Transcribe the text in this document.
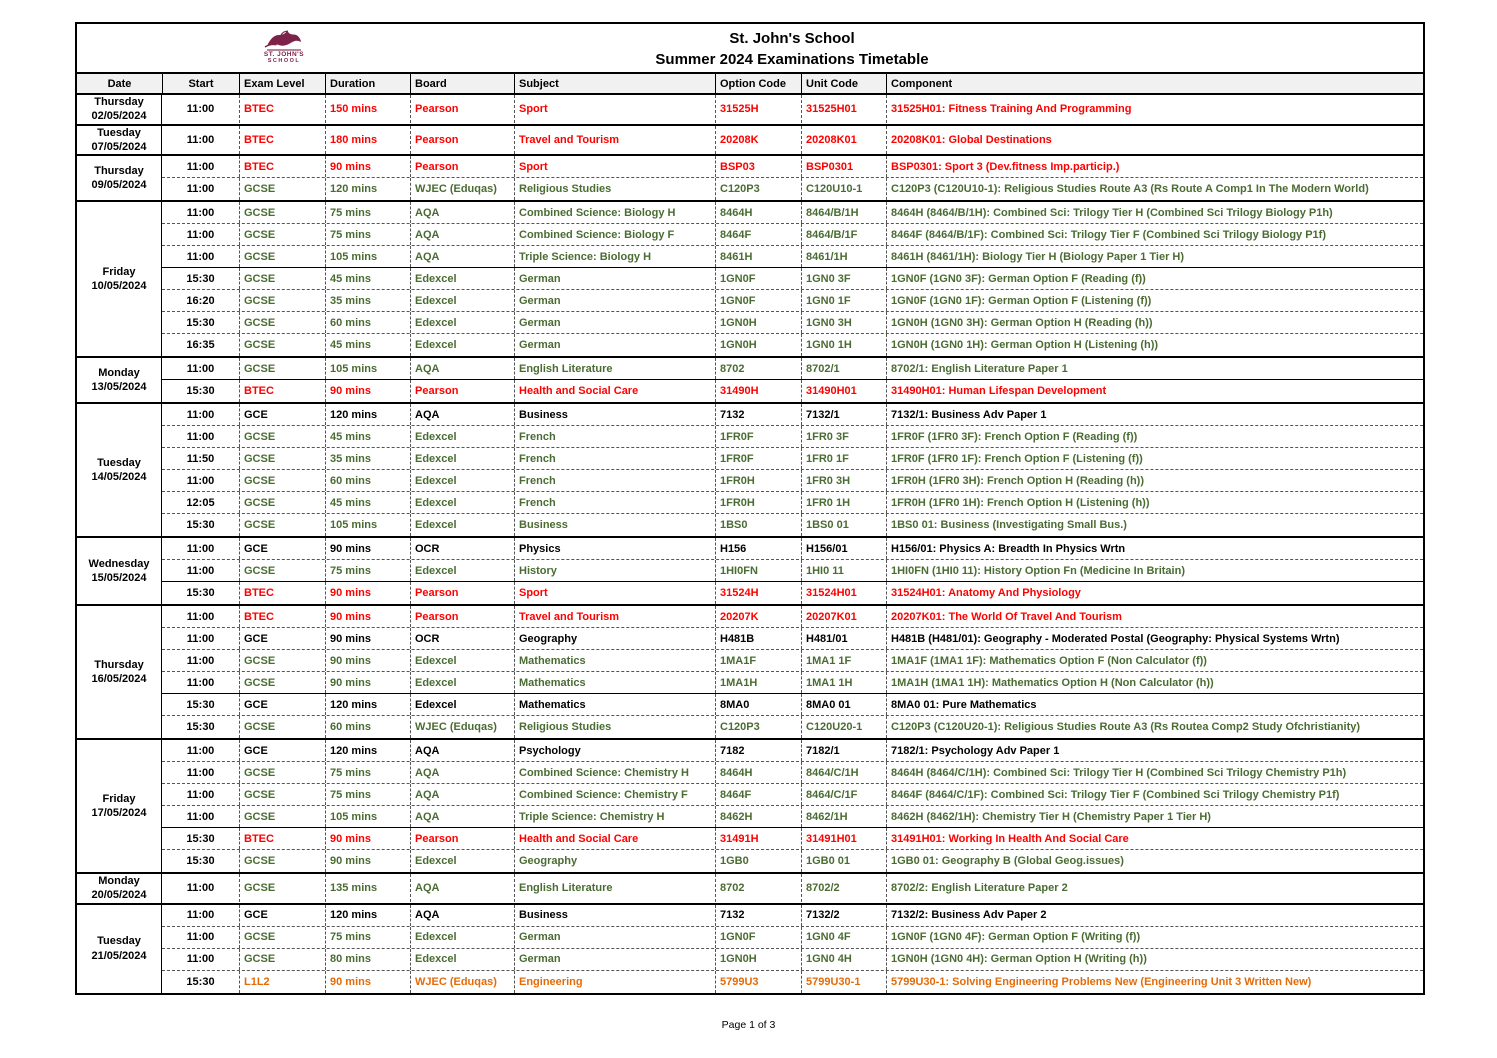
ST. JOHN'S
SCHOOL
St. John's School
Summer 2024 Examinations Timetable
Date	Start	Exam Level	Duration	Board	Subject	Option Code	Unit Code	Component
Thursday
02/05/2024
11:00	BTEC	150 mins	Pearson	Sport	31525H	31525H01	31525H01: Fitness Training And Programming
Tuesday
07/05/2024
11:00	BTEC	180 mins	Pearson	Travel and Tourism	20208K	20208K01	20208K01: Global Destinations
Thursday
09/05/2024
11:00	BTEC	90 mins	Pearson	Sport	BSP03	BSP0301	BSP0301: Sport 3 (Dev.fitness Imp.particip.)
11:00	GCSE	120 mins	WJEC (Eduqas)	Religious Studies	C120P3	C120U10-1	C120P3 (C120U10-1): Religious Studies Route A3 (Rs Route A Comp1 In The Modern World)
Friday
10/05/2024
11:00	GCSE	75 mins	AQA	Combined Science: Biology H	8464H	8464/B/1H	8464H (8464/B/1H): Combined Sci: Trilogy Tier H (Combined Sci Trilogy Biology P1h)
11:00	GCSE	75 mins	AQA	Combined Science: Biology F	8464F	8464/B/1F	8464F (8464/B/1F): Combined Sci: Trilogy Tier F (Combined Sci Trilogy Biology P1f)
11:00	GCSE	105 mins	AQA	Triple Science: Biology H	8461H	8461/1H	8461H (8461/1H): Biology Tier H (Biology Paper 1 Tier H)
15:30	GCSE	45 mins	Edexcel	German	1GN0F	1GN0 3F	1GN0F (1GN0 3F): German Option F (Reading (f))
16:20	GCSE	35 mins	Edexcel	German	1GN0F	1GN0 1F	1GN0F (1GN0 1F): German Option F (Listening (f))
15:30	GCSE	60 mins	Edexcel	German	1GN0H	1GN0 3H	1GN0H (1GN0 3H): German Option H (Reading (h))
16:35	GCSE	45 mins	Edexcel	German	1GN0H	1GN0 1H	1GN0H (1GN0 1H): German Option H (Listening (h))
Monday
13/05/2024
11:00	GCSE	105 mins	AQA	English Literature	8702	8702/1	8702/1: English Literature Paper 1
15:30	BTEC	90 mins	Pearson	Health and Social Care	31490H	31490H01	31490H01: Human Lifespan Development
Tuesday
14/05/2024
11:00	GCE	120 mins	AQA	Business	7132	7132/1	7132/1: Business Adv Paper 1
11:00	GCSE	45 mins	Edexcel	French	1FR0F	1FR0 3F	1FR0F (1FR0 3F): French Option F (Reading (f))
11:50	GCSE	35 mins	Edexcel	French	1FR0F	1FR0 1F	1FR0F (1FR0 1F): French Option F (Listening (f))
11:00	GCSE	60 mins	Edexcel	French	1FR0H	1FR0 3H	1FR0H (1FR0 3H): French Option H (Reading (h))
12:05	GCSE	45 mins	Edexcel	French	1FR0H	1FR0 1H	1FR0H (1FR0 1H): French Option H (Listening (h))
15:30	GCSE	105 mins	Edexcel	Business	1BS0	1BS0 01	1BS0 01: Business (Investigating Small Bus.)
Wednesday
15/05/2024
11:00	GCE	90 mins	OCR	Physics	H156	H156/01	H156/01: Physics A: Breadth In Physics Wrtn
11:00	GCSE	75 mins	Edexcel	History	1HI0FN	1HI0 11	1HI0FN (1HI0 11): History Option Fn (Medicine In Britain)
15:30	BTEC	90 mins	Pearson	Sport	31524H	31524H01	31524H01: Anatomy And Physiology
Thursday
16/05/2024
11:00	BTEC	90 mins	Pearson	Travel and Tourism	20207K	20207K01	20207K01: The World Of Travel And Tourism
11:00	GCE	90 mins	OCR	Geography	H481B	H481/01	H481B (H481/01): Geography - Moderated Postal (Geography: Physical Systems Wrtn)
11:00	GCSE	90 mins	Edexcel	Mathematics	1MA1F	1MA1 1F	1MA1F (1MA1 1F): Mathematics Option F (Non Calculator (f))
11:00	GCSE	90 mins	Edexcel	Mathematics	1MA1H	1MA1 1H	1MA1H (1MA1 1H): Mathematics Option H (Non Calculator (h))
15:30	GCE	120 mins	Edexcel	Mathematics	8MA0	8MA0 01	8MA0 01: Pure Mathematics
15:30	GCSE	60 mins	WJEC (Eduqas)	Religious Studies	C120P3	C120U20-1	C120P3 (C120U20-1): Religious Studies Route A3 (Rs Routea Comp2 Study Ofchristianity)
Friday
17/05/2024
11:00	GCE	120 mins	AQA	Psychology	7182	7182/1	7182/1: Psychology Adv Paper 1
11:00	GCSE	75 mins	AQA	Combined Science: Chemistry H	8464H	8464/C/1H	8464H (8464/C/1H): Combined Sci: Trilogy Tier H (Combined Sci Trilogy Chemistry P1h)
11:00	GCSE	75 mins	AQA	Combined Science: Chemistry F	8464F	8464/C/1F	8464F (8464/C/1F): Combined Sci: Trilogy Tier F (Combined Sci Trilogy Chemistry P1f)
11:00	GCSE	105 mins	AQA	Triple Science: Chemistry H	8462H	8462/1H	8462H (8462/1H): Chemistry Tier H (Chemistry Paper 1 Tier H)
15:30	BTEC	90 mins	Pearson	Health and Social Care	31491H	31491H01	31491H01: Working In Health And Social Care
15:30	GCSE	90 mins	Edexcel	Geography	1GB0	1GB0 01	1GB0 01: Geography B (Global Geog.issues)
Monday
20/05/2024
11:00	GCSE	135 mins	AQA	English Literature	8702	8702/2	8702/2: English Literature Paper 2
Tuesday
21/05/2024
11:00	GCE	120 mins	AQA	Business	7132	7132/2	7132/2: Business Adv Paper 2
11:00	GCSE	75 mins	Edexcel	German	1GN0F	1GN0 4F	1GN0F (1GN0 4F): German Option F (Writing (f))
11:00	GCSE	80 mins	Edexcel	German	1GN0H	1GN0 4H	1GN0H (1GN0 4H): German Option H (Writing (h))
15:30	L1L2	90 mins	WJEC (Eduqas)	Engineering	5799U3	5799U30-1	5799U30-1: Solving Engineering Problems New (Engineering Unit 3 Written New)
Page 1 of 3
